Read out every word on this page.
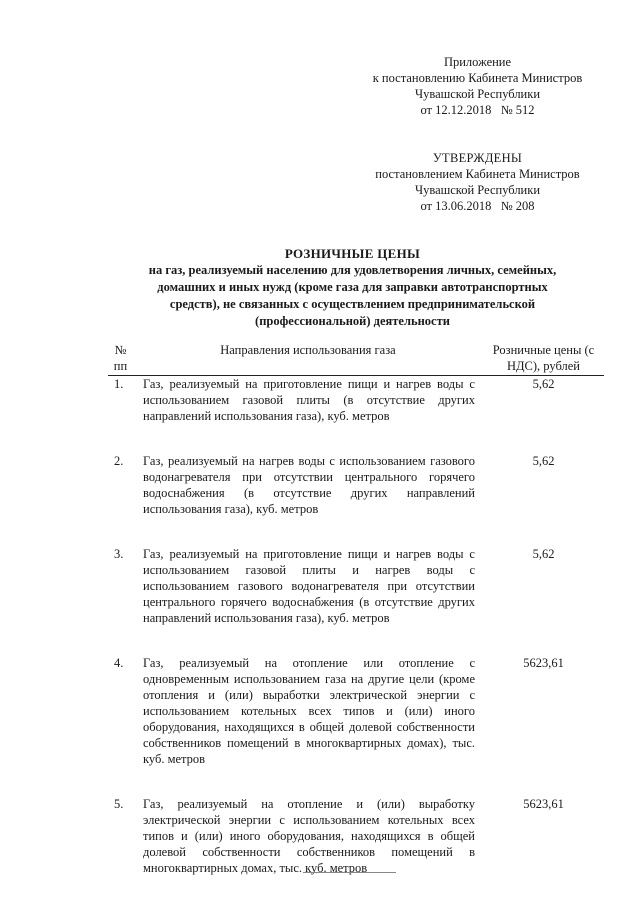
Приложение
к постановлению Кабинета Министров
Чувашской Республики
от 12.12.2018   № 512
УТВЕРЖДЕНЫ
постановлением Кабинета Министров
Чувашской Республики
от 13.06.2018   № 208
РОЗНИЧНЫЕ ЦЕНЫ
на газ, реализуемый населению для удовлетворения личных, семейных,
домашних и иных нужд (кроме газа для заправки автотранспортных
средств), не связанных с осуществлением предпринимательской
(профессиональной) деятельности
№ пп	Направления использования газа	Розничные цены (с НДС), рублей
1.	Газ, реализуемый на приготовление пищи и нагрев воды с использованием газовой плиты (в отсутствие других направлений использования газа), куб. метров	5,62

2.	Газ, реализуемый на нагрев воды с использованием газового водонагревателя при отсутствии центрального горячего водоснабжения (в отсутствие других направлений использования газа), куб. метров	5,62

3.	Газ, реализуемый на приготовление пищи и нагрев воды с использованием газовой плиты и нагрев воды с использованием газового водонагревателя при отсутствии центрального горячего водоснабжения (в отсутствие других направлений использования газа), куб. метров	5,62

4.	Газ, реализуемый на отопление или отопление с одновременным использованием газа на другие цели (кроме отопления и (или) выработки электрической энергии с использованием котельных всех типов и (или) иного оборудования, находящихся в общей долевой собственности собственников помещений в многоквартирных домах), тыс. куб. метров	5623,61

5.	Газ, реализуемый на отопление и (или) выработку электрической энергии с использованием котельных всех типов и (или) иного оборудования, находящихся в общей долевой собственности собственников помещений в многоквартирных домах, тыс. куб. метров	5623,61
